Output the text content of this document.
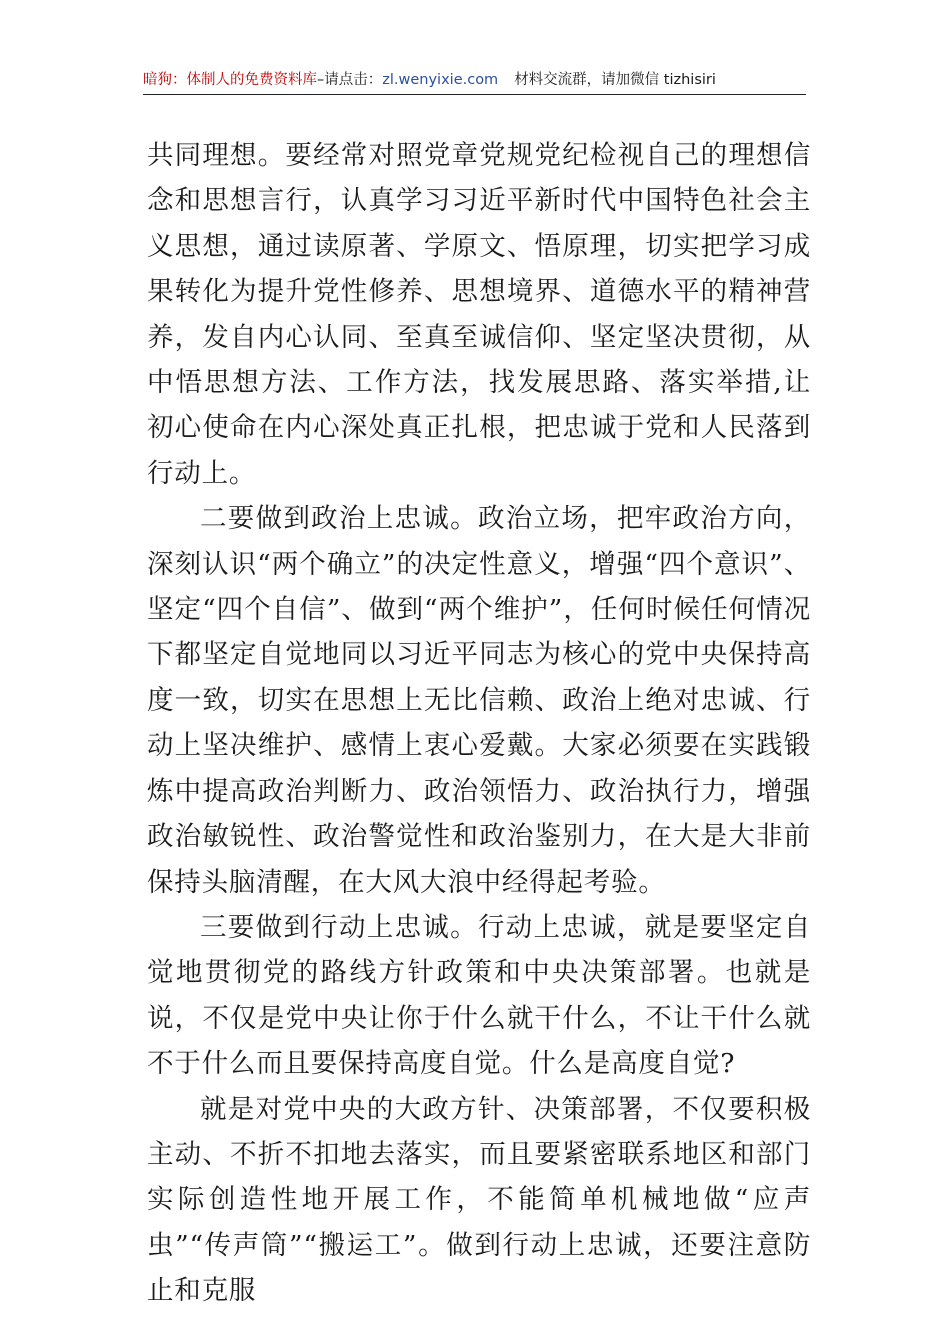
暗狗：体制人的免费资料库–请点击：zl.wenyixie.com 材料交流群，请加微信 tizhisiri

共同理想。要经常对照党章党规党纪检视自己的理想信念和思想言行，认真学习习近平新时代中国特色社会主义思想，通过读原著、学原文、悟原理，切实把学习成果转化为提升党性修养、思想境界、道德水平的精神营养，发自内心认同、至真至诚信仰、坚定坚决贯彻，从中悟思想方法、工作方法，找发展思路、落实举措,让初心使命在内心深处真正扎根，把忠诚于党和人民落到行动上。

二要做到政治上忠诚。政治立场，把牢政治方向，深刻认识“两个确立”的决定性意义，增强“四个意识”、坚定“四个自信”、做到“两个维护”，任何时候任何情况下都坚定自觉地同以习近平同志为核心的党中央保持高度一致，切实在思想上无比信赖、政治上绝对忠诚、行动上坚决维护、感情上衷心爱戴。大家必须要在实践锻炼中提高政治判断力、政治领悟力、政治执行力，增强政治敏锐性、政治警觉性和政治鉴别力，在大是大非前保持头脑清醒，在大风大浪中经得起考验。

三要做到行动上忠诚。行动上忠诚，就是要坚定自觉地贯彻党的路线方针政策和中央决策部署。也就是说，不仅是党中央让你于什么就干什么，不让干什么就不于什么而且要保持高度自觉。什么是高度自觉?

就是对党中央的大政方针、决策部署，不仅要积极主动、不折不扣地去落实，而且要紧密联系地区和部门实际创造性地开展工作，不能简单机械地做“应声虫”“传声筒”“搬运工”。做到行动上忠诚，还要注意防止和克服
